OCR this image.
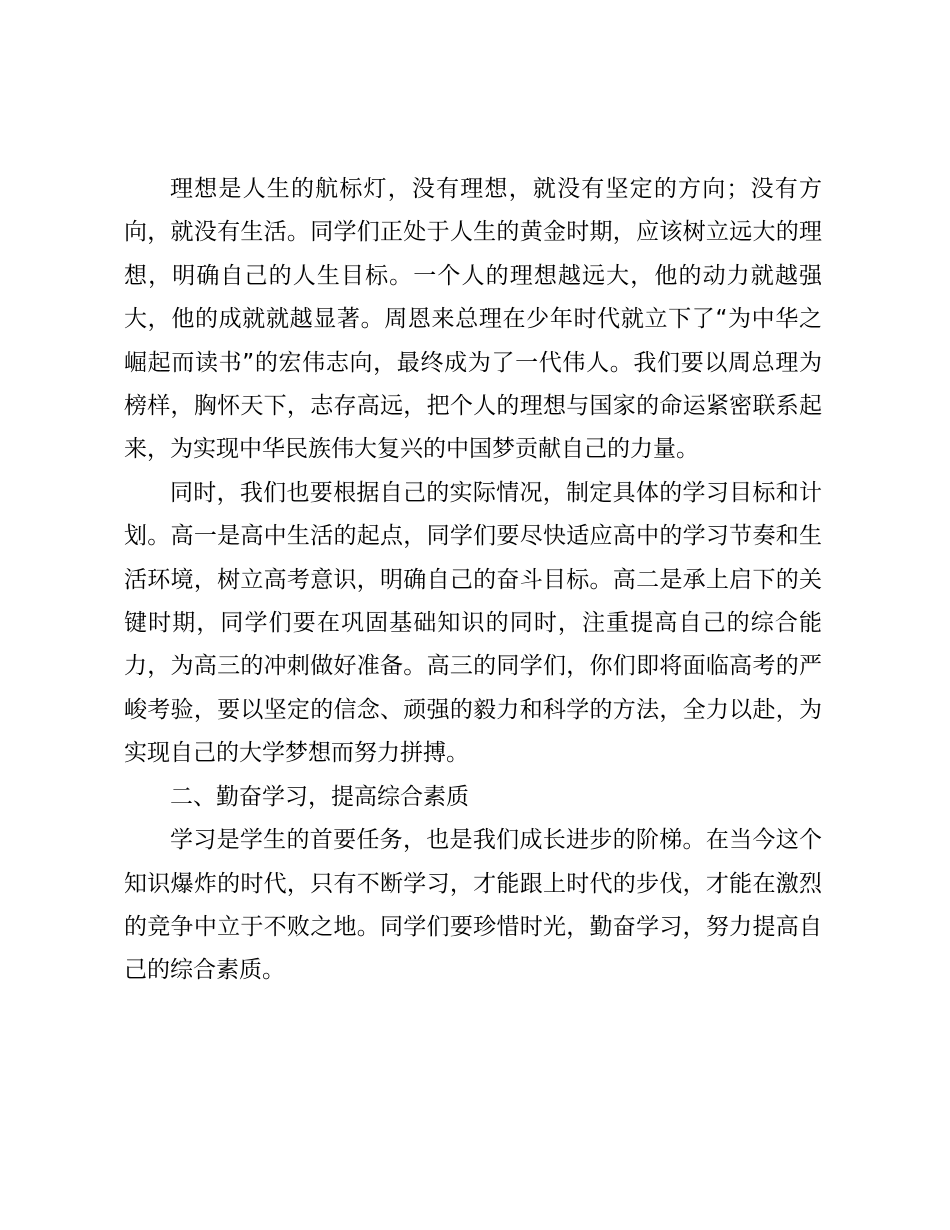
理想是人生的航标灯，没有理想，就没有坚定的方向；没有方向，就没有生活。同学们正处于人生的黄金时期，应该树立远大的理想，明确自己的人生目标。一个人的理想越远大，他的动力就越强大，他的成就就越显著。周恩来总理在少年时代就立下了“为中华之崛起而读书”的宏伟志向，最终成为了一代伟人。我们要以周总理为榜样，胸怀天下，志存高远，把个人的理想与国家的命运紧密联系起来，为实现中华民族伟大复兴的中国梦贡献自己的力量。

同时，我们也要根据自己的实际情况，制定具体的学习目标和计划。高一是高中生活的起点，同学们要尽快适应高中的学习节奏和生活环境，树立高考意识，明确自己的奋斗目标。高二是承上启下的关键时期，同学们要在巩固基础知识的同时，注重提高自己的综合能力，为高三的冲刺做好准备。高三的同学们，你们即将面临高考的严峻考验，要以坚定的信念、顽强的毅力和科学的方法，全力以赴，为实现自己的大学梦想而努力拼搏。

二、勤奋学习，提高综合素质

学习是学生的首要任务，也是我们成长进步的阶梯。在当今这个知识爆炸的时代，只有不断学习，才能跟上时代的步伐，才能在激烈的竞争中立于不败之地。同学们要珍惜时光，勤奋学习，努力提高自己的综合素质。
